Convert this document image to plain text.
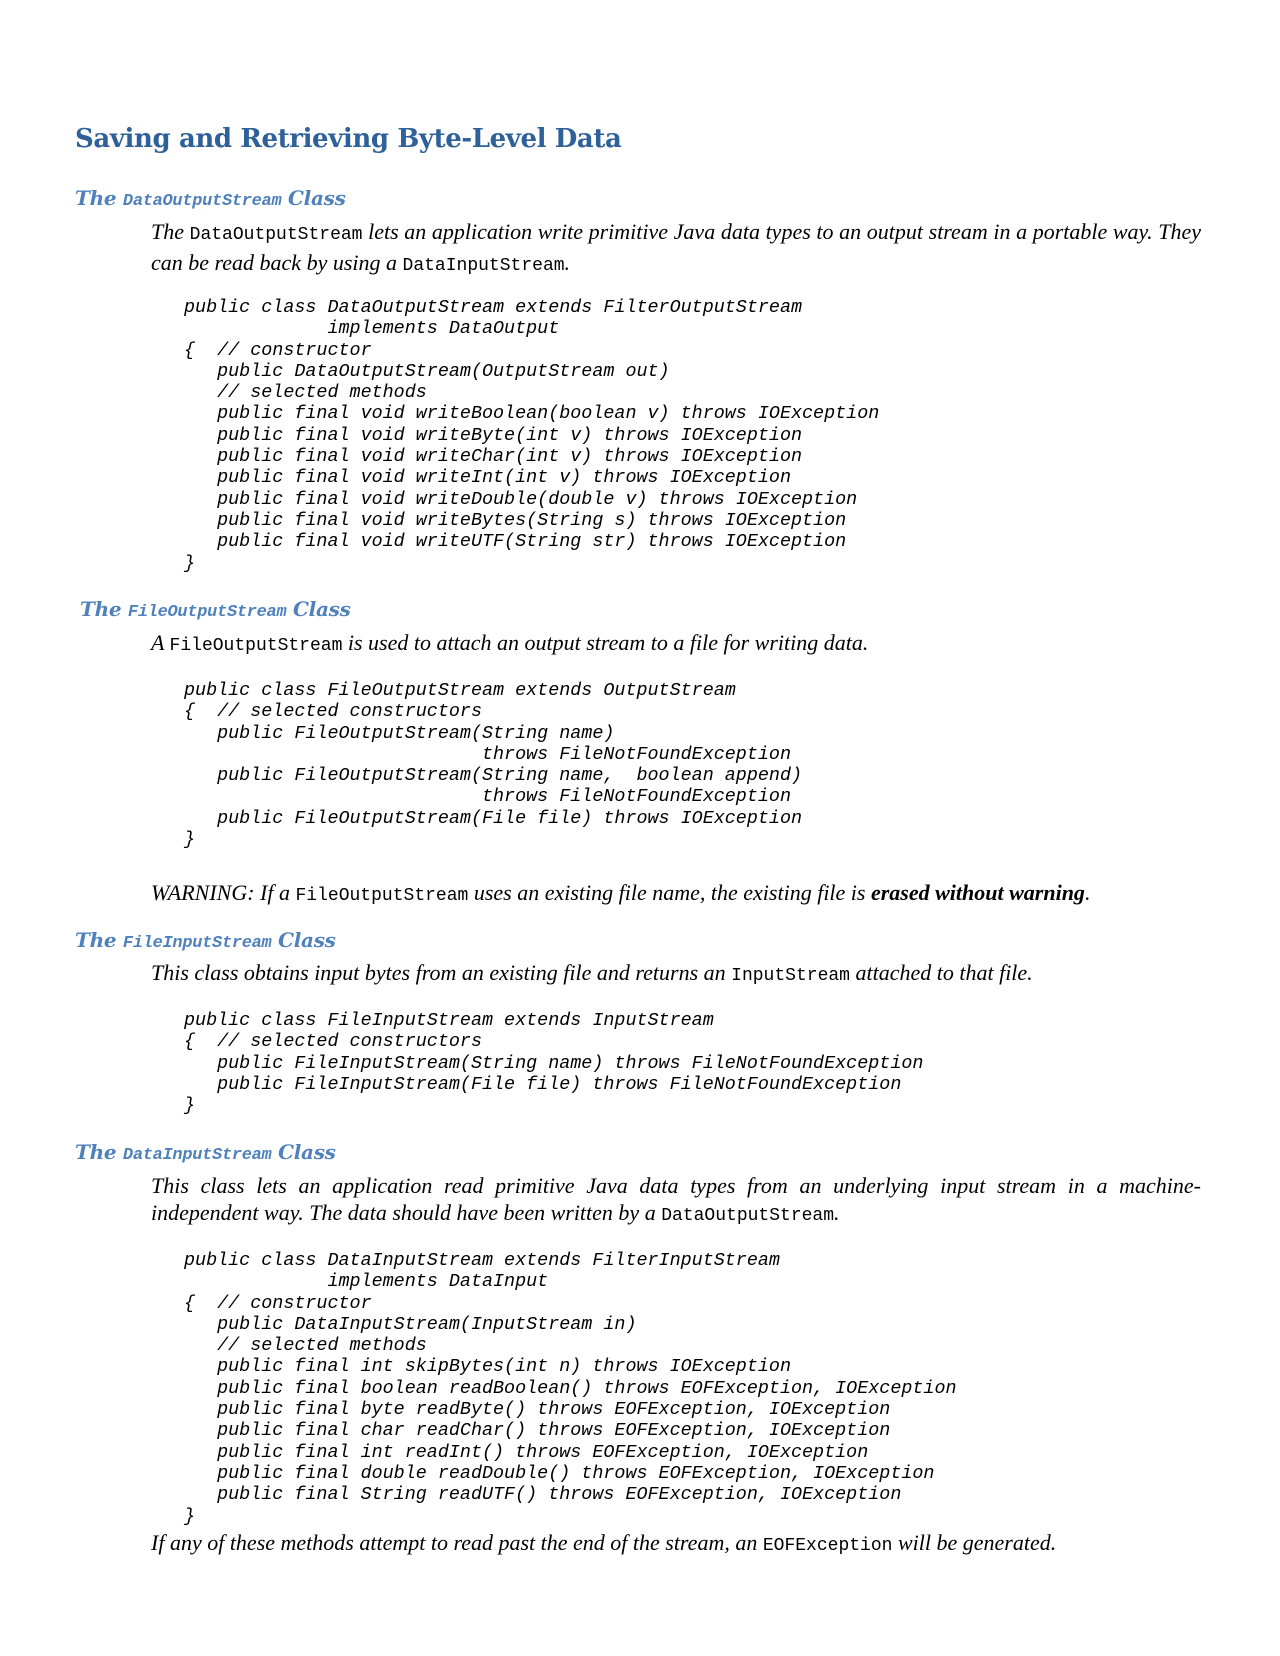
Saving and Retrieving Byte-Level Data
The DataOutputStream Class

The DataOutputStream lets an application write primitive Java data types to an output stream in a portable way. They can be read back by using a DataInputStream.

public class DataOutputStream extends FilterOutputStream
implements DataOutput
{  // constructor
public DataOutputStream(OutputStream out)
// selected methods
public final void writeBoolean(boolean v) throws IOException
public final void writeByte(int v) throws IOException
public final void writeChar(int v) throws IOException
public final void writeInt(int v) throws IOException
public final void writeDouble(double v) throws IOException
public final void writeBytes(String s) throws IOException
public final void writeUTF(String str) throws IOException
}
The FileOutputStream Class

A FileOutputStream is used to attach an output stream to a file for writing data.

public class FileOutputStream extends OutputStream
{  // selected constructors
public FileOutputStream(String name)
throws FileNotFoundException
public FileOutputStream(String name,  boolean append)
throws FileNotFoundException
public FileOutputStream(File file) throws IOException
}

WARNING: If a FileOutputStream uses an existing file name, the existing file is erased without warning.

The FileInputStream Class

This class obtains input bytes from an existing file and returns an InputStream attached to that file.

public class FileInputStream extends InputStream
{  // selected constructors
public FileInputStream(String name) throws FileNotFoundException
public FileInputStream(File file) throws FileNotFoundException
}
The DataInputStream Class

This class lets an application read primitive Java data types from an underlying input stream in a machine-independent way. The data should have been written by a DataOutputStream.

public class DataInputStream extends FilterInputStream
implements DataInput
{  // constructor
public DataInputStream(InputStream in)
// selected methods
public final int skipBytes(int n) throws IOException
public final boolean readBoolean() throws EOFException, IOException
public final byte readByte() throws EOFException, IOException
public final char readChar() throws EOFException, IOException
public final int readInt() throws EOFException, IOException
public final double readDouble() throws EOFException, IOException
public final String readUTF() throws EOFException, IOException
}

If any of these methods attempt to read past the end of the stream, an EOFException will be generated.
